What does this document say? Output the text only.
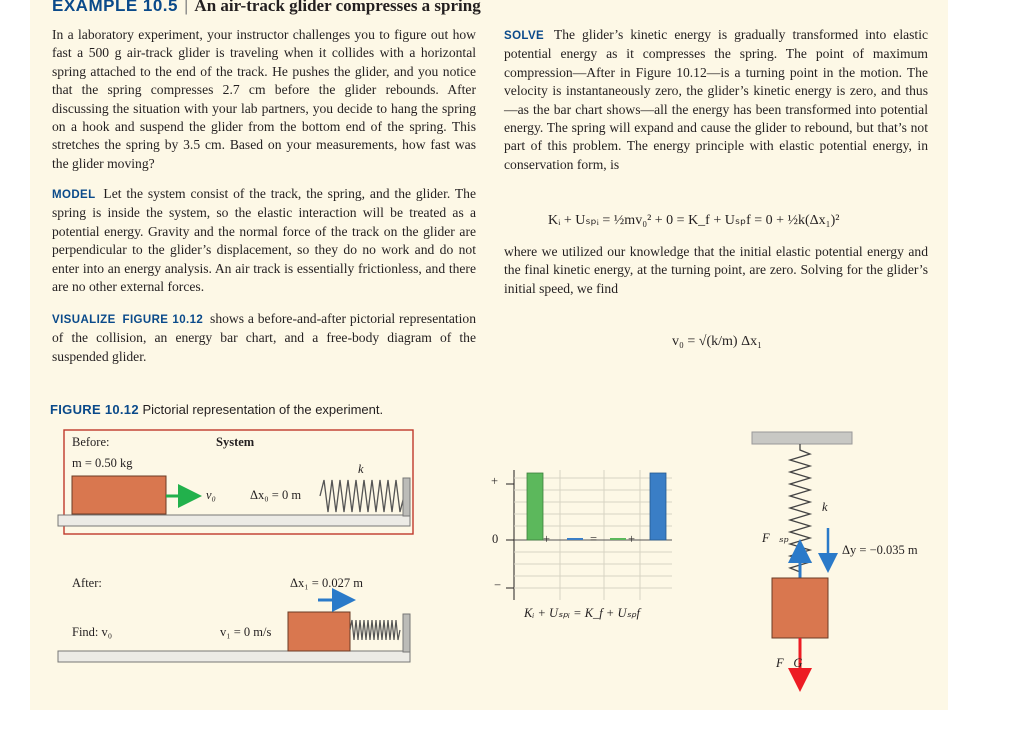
EXAMPLE 10.5 | An air-track glider compresses a spring

In a laboratory experiment, your instructor challenges you to figure out how fast a 500 g air-track glider is traveling when it collides with a horizontal spring attached to the end of the track. He pushes the glider, and you notice that the spring compresses 2.7 cm before the glider rebounds. After discussing the situation with your lab partners, you decide to hang the spring on a hook and suspend the glider from the bottom end of the spring. This stretches the spring by 3.5 cm. Based on your measurements, how fast was the glider moving?

MODEL Let the system consist of the track, the spring, and the glider. The spring is inside the system, so the elastic interaction will be treated as a potential energy. Gravity and the normal force of the track on the glider are perpendicular to the glider’s displacement, so they do no work and do not enter into an energy analysis. An air track is essentially frictionless, and there are no other external forces.

VISUALIZE FIGURE 10.12 shows a before-and-after pictorial representation of the collision, an energy bar chart, and a free-body diagram of the suspended glider.

SOLVE The glider’s kinetic energy is gradually transformed into elastic potential energy as it compresses the spring. The point of maximum compression—After in Figure 10.12—is a turning point in the motion. The velocity is instantaneously zero, the glider’s kinetic energy is zero, and thus—as the bar chart shows—all the energy has been transformed into potential energy. The spring will expand and cause the glider to rebound, but that’s not part of this problem. The energy principle with elastic potential energy, in conservation form, is

Kᵢ + Uₛₚᵢ = ½mv₀² + 0 = K_f + Uₛₚf = 0 + ½k(Δx₁)²

where we utilized our knowledge that the initial elastic potential energy and the final kinetic energy, at the turning point, are zero. Solving for the glider’s initial speed, we find

v₀ = √(k/m) Δx₁
FIGURE 10.12 Pictorial representation of the experiment.
Before:	System
m = 0.50 kg	k
v₀	Δx₀ = 0 m
After:	Δx₁ = 0.027 m
Find: v₀	v₁ = 0 m/s
+
0
−
+	= +
Kᵢ + Uₛₚᵢ = K_f + Uₛₚf
k
F⃗ₛₚ
Δy = −0.035 m
F⃗G
